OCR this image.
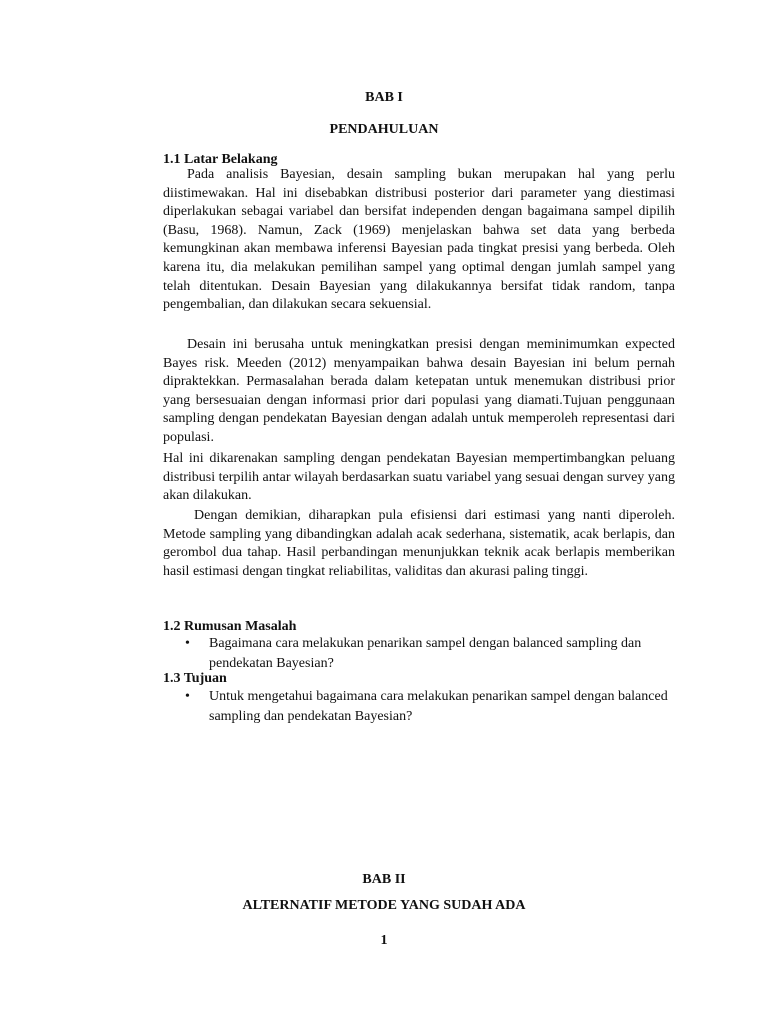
BAB I
PENDAHULUAN
1.1 Latar Belakang
Pada analisis Bayesian, desain sampling bukan merupakan hal yang perlu diistimewakan. Hal ini disebabkan distribusi posterior dari parameter yang diestimasi diperlakukan sebagai variabel dan bersifat independen dengan bagaimana sampel dipilih (Basu, 1968). Namun, Zack (1969) menjelaskan bahwa set data yang berbeda kemungkinan akan membawa inferensi Bayesian pada tingkat presisi yang berbeda. Oleh karena itu, dia melakukan pemilihan sampel yang optimal dengan jumlah sampel yang telah ditentukan. Desain Bayesian yang dilakukannya bersifat tidak random, tanpa pengembalian, dan dilakukan secara sekuensial.
Desain ini berusaha untuk meningkatkan presisi dengan meminimumkan expected Bayes risk. Meeden (2012) menyampaikan bahwa desain Bayesian ini belum pernah dipraktekkan. Permasalahan berada dalam ketepatan untuk menemukan distribusi prior yang bersesuaian dengan informasi prior dari populasi yang diamati.Tujuan penggunaan sampling dengan pendekatan Bayesian dengan adalah untuk memperoleh representasi dari populasi.
Hal ini dikarenakan sampling dengan pendekatan Bayesian mempertimbangkan peluang distribusi terpilih antar wilayah berdasarkan suatu variabel yang sesuai dengan survey yang akan dilakukan.
Dengan demikian, diharapkan pula efisiensi dari estimasi yang nanti diperoleh. Metode sampling yang dibandingkan adalah acak sederhana, sistematik, acak berlapis, dan gerombol dua tahap. Hasil perbandingan menunjukkan teknik acak berlapis memberikan hasil estimasi dengan tingkat reliabilitas, validitas dan akurasi paling tinggi.
1.2 Rumusan Masalah
•	Bagaimana cara melakukan penarikan sampel dengan balanced sampling dan pendekatan Bayesian?
1.3 Tujuan
•	Untuk mengetahui bagaimana cara melakukan penarikan sampel dengan balanced sampling dan pendekatan Bayesian?
BAB II
ALTERNATIF METODE YANG SUDAH ADA
1
